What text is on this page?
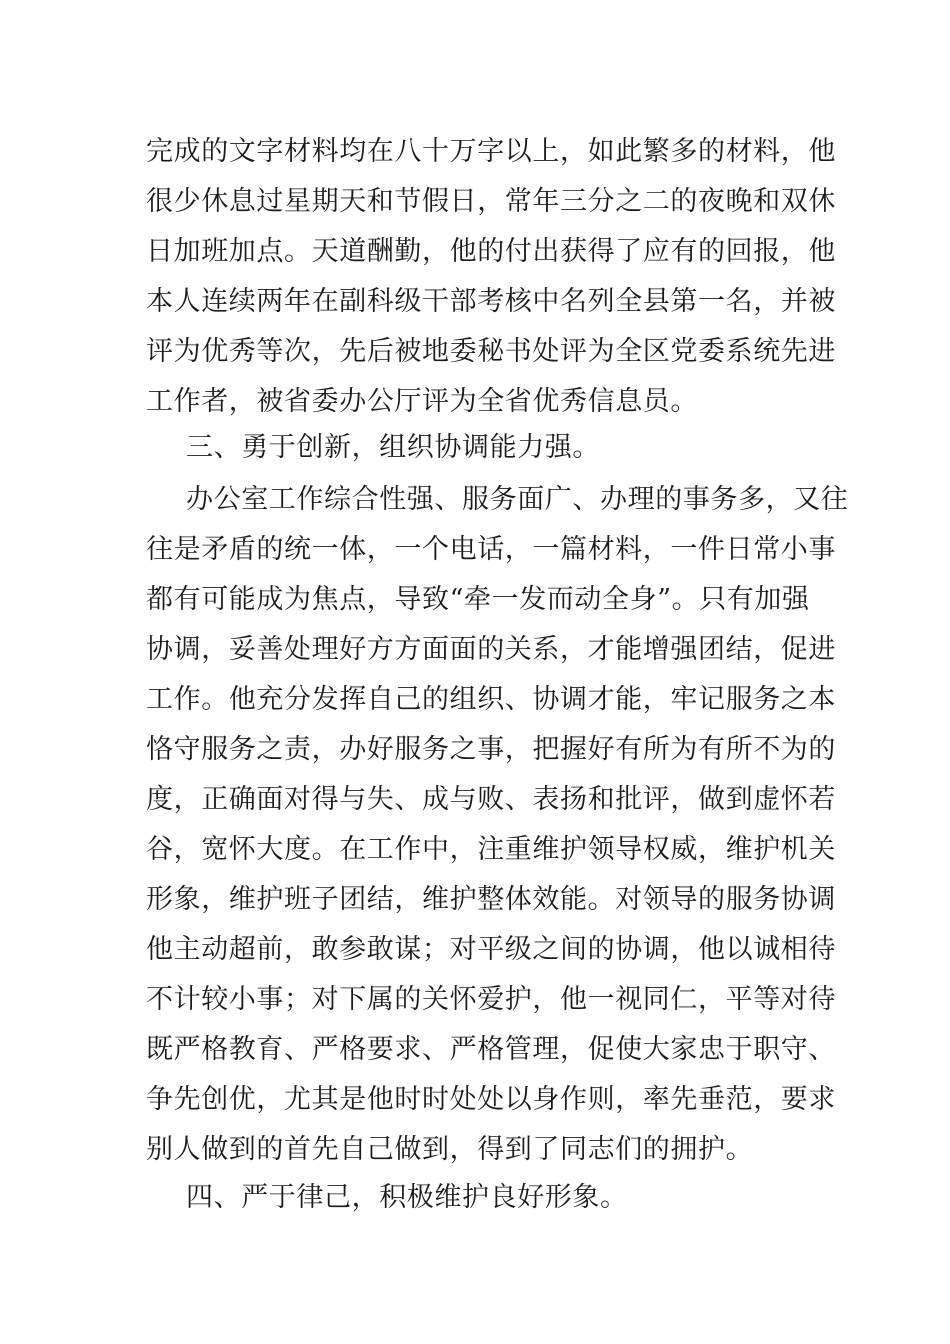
完成的文字材料均在八十万字以上，如此繁多的材料，他
很少休息过星期天和节假日，常年三分之二的夜晚和双休
日加班加点。天道酬勤，他的付出获得了应有的回报，他
本人连续两年在副科级干部考核中名列全县第一名，并被
评为优秀等次，先后被地委秘书处评为全区党委系统先进
工作者，被省委办公厅评为全省优秀信息员。
三、勇于创新，组织协调能力强。
办公室工作综合性强、服务面广、办理的事务多，又往
往是矛盾的统一体，一个电话，一篇材料，一件日常小事
都有可能成为焦点，导致“牵一发而动全身”。只有加强
协调，妥善处理好方方面面的关系，才能增强团结，促进
工作。他充分发挥自己的组织、协调才能，牢记服务之本
恪守服务之责，办好服务之事，把握好有所为有所不为的
度，正确面对得与失、成与败、表扬和批评，做到虚怀若
谷，宽怀大度。在工作中，注重维护领导权威，维护机关
形象，维护班子团结，维护整体效能。对领导的服务协调
他主动超前，敢参敢谋；对平级之间的协调，他以诚相待
不计较小事；对下属的关怀爱护，他一视同仁，平等对待
既严格教育、严格要求、严格管理，促使大家忠于职守、
争先创优，尤其是他时时处处以身作则，率先垂范，要求
别人做到的首先自己做到，得到了同志们的拥护。
四、严于律己，积极维护良好形象。
